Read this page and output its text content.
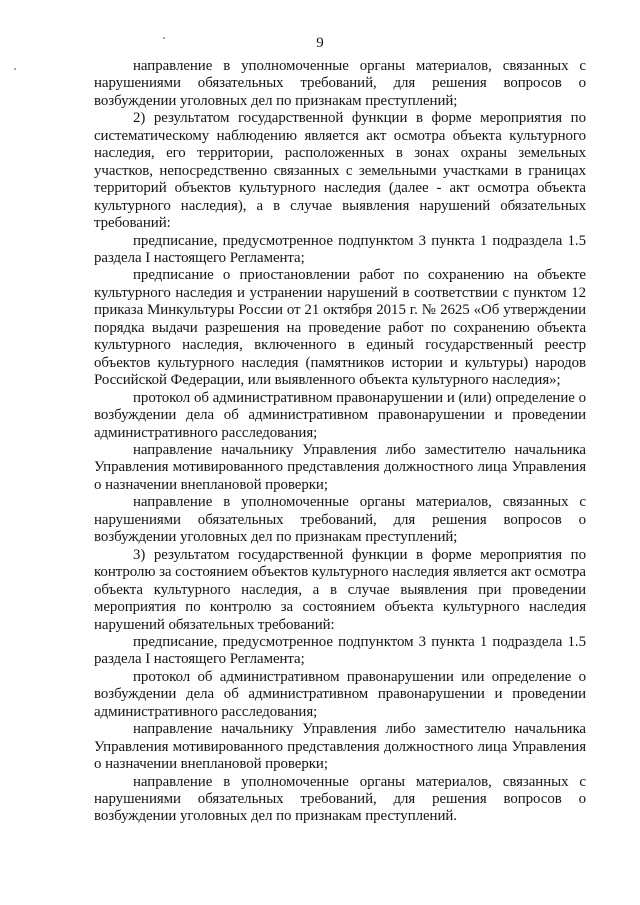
9

направление в уполномоченные органы материалов, связанных с нарушениями обязательных требований, для решения вопросов о возбуждении уголовных дел по признакам преступлений;

2) результатом государственной функции в форме мероприятия по систематическому наблюдению является акт осмотра объекта культурного наследия, его территории, расположенных в зонах охраны земельных участков, непосредственно связанных с земельными участками в границах территорий объектов культурного наследия (далее - акт осмотра объекта культурного наследия), а в случае выявления нарушений обязательных требований:

предписание, предусмотренное подпунктом 3 пункта 1 подраздела 1.5 раздела I настоящего Регламента;

предписание о приостановлении работ по сохранению на объекте культурного наследия и устранении нарушений в соответствии с пунктом 12 приказа Минкультуры России от 21 октября 2015 г. № 2625 «Об утверждении порядка выдачи разрешения на проведение работ по сохранению объекта культурного наследия, включенного в единый государственный реестр объектов культурного наследия (памятников истории и культуры) народов Российской Федерации, или выявленного объекта культурного наследия»;

протокол об административном правонарушении и (или) определение о возбуждении дела об административном правонарушении и проведении административного расследования;

направление начальнику Управления либо заместителю начальника Управления мотивированного представления должностного лица Управления о назначении внеплановой проверки;

направление в уполномоченные органы материалов, связанных с нарушениями обязательных требований, для решения вопросов о возбуждении уголовных дел по признакам преступлений;

3) результатом государственной функции в форме мероприятия по контролю за состоянием объектов культурного наследия является акт осмотра объекта культурного наследия, а в случае выявления при проведении мероприятия по контролю за состоянием объекта культурного наследия нарушений обязательных требований:

предписание, предусмотренное подпунктом 3 пункта 1 подраздела 1.5 раздела I настоящего Регламента;

протокол об административном правонарушении или определение о возбуждении дела об административном правонарушении и проведении административного расследования;

направление начальнику Управления либо заместителю начальника Управления мотивированного представления должностного лица Управления о назначении внеплановой проверки;

направление в уполномоченные органы материалов, связанных с нарушениями обязательных требований, для решения вопросов о возбуждении уголовных дел по признакам преступлений.
